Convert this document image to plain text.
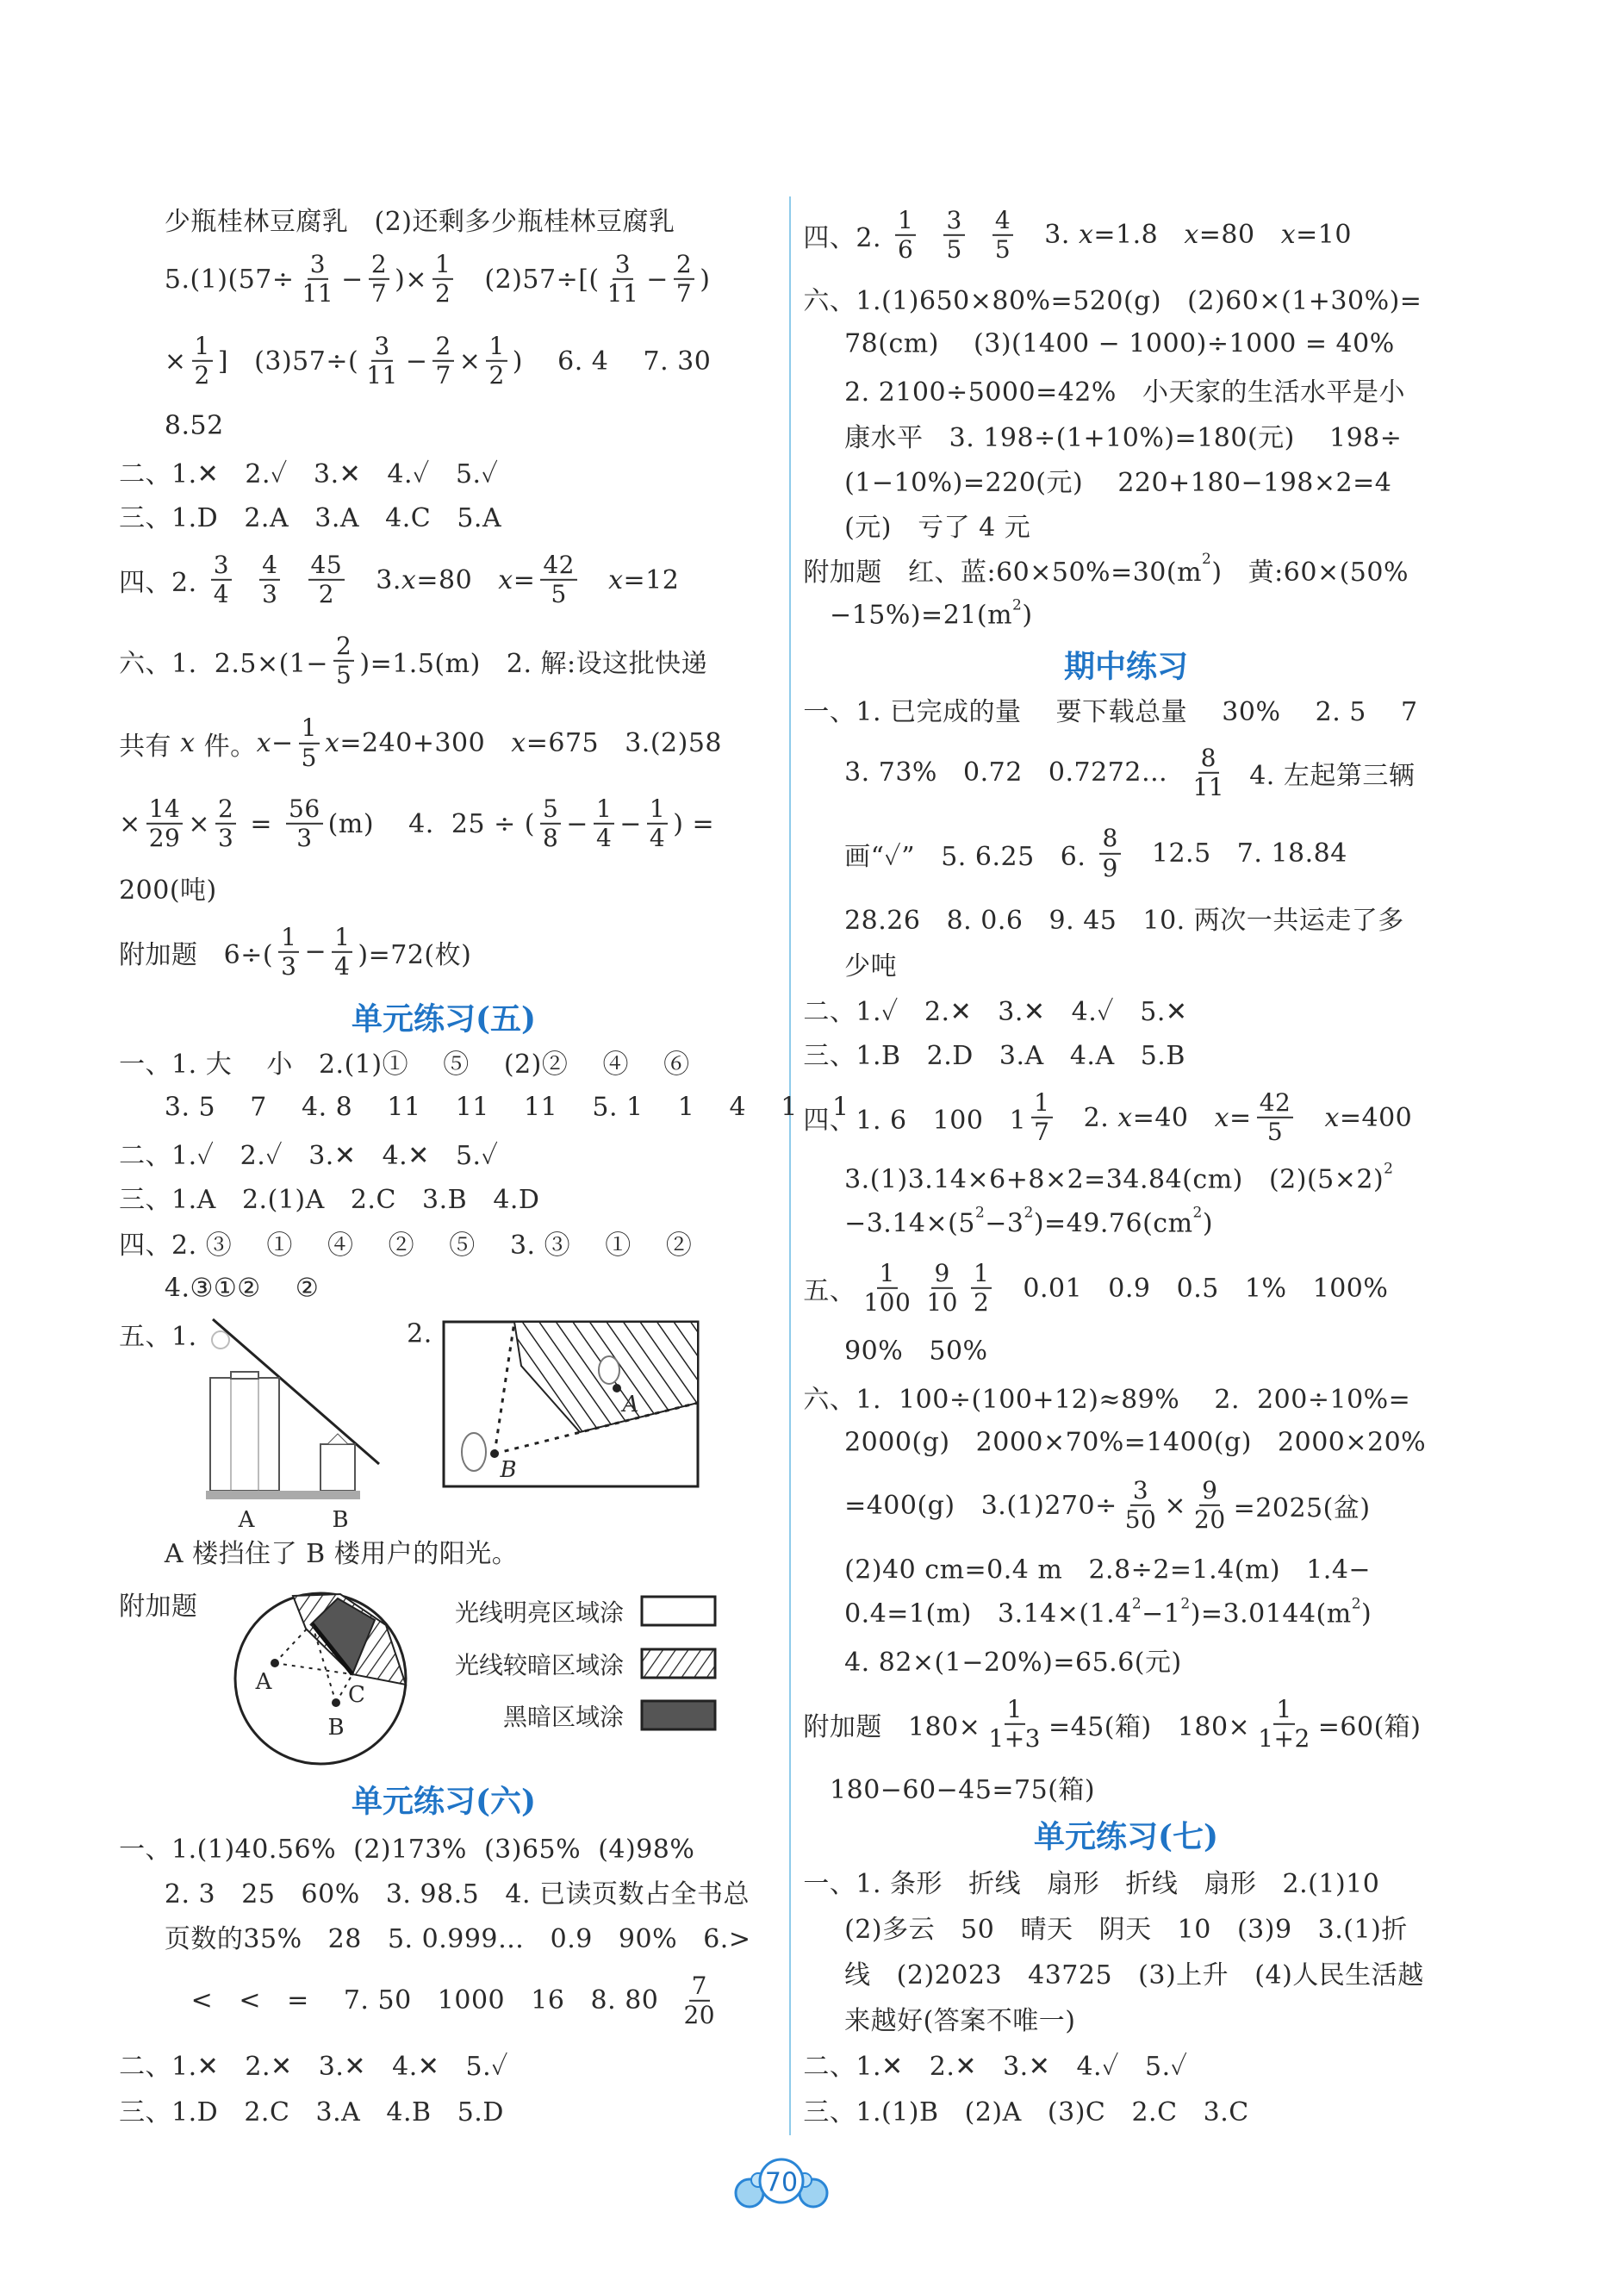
少瓶桂林豆腐乳   (2)还剩多少瓶桂林豆腐乳
$5.(1)(57\div \frac{3}{11} - \frac{2}{7}$ )× $\frac{1}{2} (2)57\div[( \frac{3}{11} - \frac{2}{7}$ )
× $\frac{1}{2}$ ]   $(3)57\div( \frac{3}{11} - \frac{2}{7} \times \frac{1}{2}$ )    6. 4    7. 30
8.52
二、1.✕   2.✓   3.✕   4.✓   5.✓
三、1.D   2.A   3.A   4.C   5.A
四、2. $\frac{3}{4}$
$\frac{4}{3}$
$\frac{45}{2} 3$. x =80 $x = \frac{42}{5}$
x =12
六、1.  $2.5\times(1- \frac{2}{5} )=1.5(m)$   2. 解:设这批快递
共有 x 件。 $x - \frac{1}{5}$ x =240+300 x =675   3.(2)58
× $\frac{14}{29} \times \frac{2}{3} = \frac{56}{3} (m)$    4.  25 ÷ ( $\frac{5}{8} - \frac{1}{4} - \frac{1}{4}$ ) =
200(吨)
附加题   $6\div( \frac{1}{3} - \frac{1}{4} )=72$(枚)
一、1. 大    小   2.(1)①    ⑤    (2)②    ④    ⑥
3. 5    7    4. 8    11    11    11    5. 1    1    4    1    1
二、1.✓   2.✓   3.✕   4.✕   5.✓
三、1.A   2.(1)A   2.C   3.B   4.D
四、2. ③    ①    ④    ②    ⑤    3. ③    ①    ②
4.③①②    ②
五、1.	2.
A 楼挡住了 B 楼用户的阳光。
附加题
一、1.(1)40.56%  (2)173%  (3)65%  (4)98%
2. 3   25   60%   3. 98.5   4. 已读页数占全书总
页数的35%   28   5. 0.999…   0.9   90%   6.>
<   <   =    7. 50   1000   16   8. $80 \frac{7}{20}$
二、1.✕   2.✕   3.✕   4.✕   5.✓
三、1.D   2.C   3.A   4.B   5.D
四、2. $\frac{1}{6}$
$\frac{3}{5}$
$\frac{4}{5} 3$. x =1.8 x =80 x =10
六、1.(1)650×80%=520(g)   (2)60×(1+30%)=
78(cm)    (3)(1400 − 1000)÷1000 = 40%
2. 2100÷5000=42%   小天家的生活水平是小
康水平   3. 198÷(1+10%)=180(元)    198÷
(1−10%)=220(元)    220+180−198×2=4
(元)   亏了 4 元
附加题   红、蓝:60×50%=30(m 2 )   黄:60×(50%
−15%)=21(m 2 )
一、1. 已完成的量    要下载总量    30%    2. 5    7
3. 73%   0.72   0.7272… $\frac{8}{11} 4$. 左起第三辆
画“✓”   5. 6.25   6. $\frac{8}{9} 12.5$   7. 18.84
28.26   8. 0.6   9. 45   10. 两次一共运走了多
少吨
二、1.✓   2.✕   3.✕   4.✓   5.✕
三、1.B   2.D   3.A   4.A   5.B
四、1. 6   100   $1 \frac{1}{7} 2$. x =40 $x = \frac{42}{5}$
x =400
3.(1)3.14×6+8×2=34.84(cm)   (2)(5×2) 2
−3.14×(5 2 −3 2 )=49.76(cm 2 )
五、 $\frac{1}{100} \frac{9}{10} \frac{1}{2} 0.01$   0.9   0.5   1%   100%
90%   50%
六、1.  100÷(100+12)≈89%    2.  200÷10%=
2000(g)   2000×70%=1400(g)   2000×20%
=400(g)   $3.(1)270\div \frac{3}{50} \times \frac{9}{20} =2025$(盆)
(2)40 cm=0.4 m   2.8÷2=1.4(m)   1.4−
0.4=1(m)   3.14×(1.4 2 −1 2 )=3.0144(m 2 )
4. 82×(1−20%)=65.6(元)
附加题   $180\times \frac{1}{1+3} =45$(箱)   $180\times \frac{1}{1+2} =60$(箱)
180−60−45=75(箱)
一、1. 条形   折线   扇形   折线   扇形   2.(1)10
(2)多云   50   晴天   阴天   10   (3)9   3.(1)折
线   (2)2023   43725   (3)上升   (4)人民生活越
来越好(答案不唯一)
二、1.✕   2.✕   3.✕   4.✓   5.✓
三、1.(1)B   (2)A   (3)C   2.C   3.C
单元练习(五)
单元练习(六)
期中练习
单元练习(七)
A	B
A
B
A
B
C
光线明亮区域涂
光线较暗区域涂
黑暗区域涂
70
